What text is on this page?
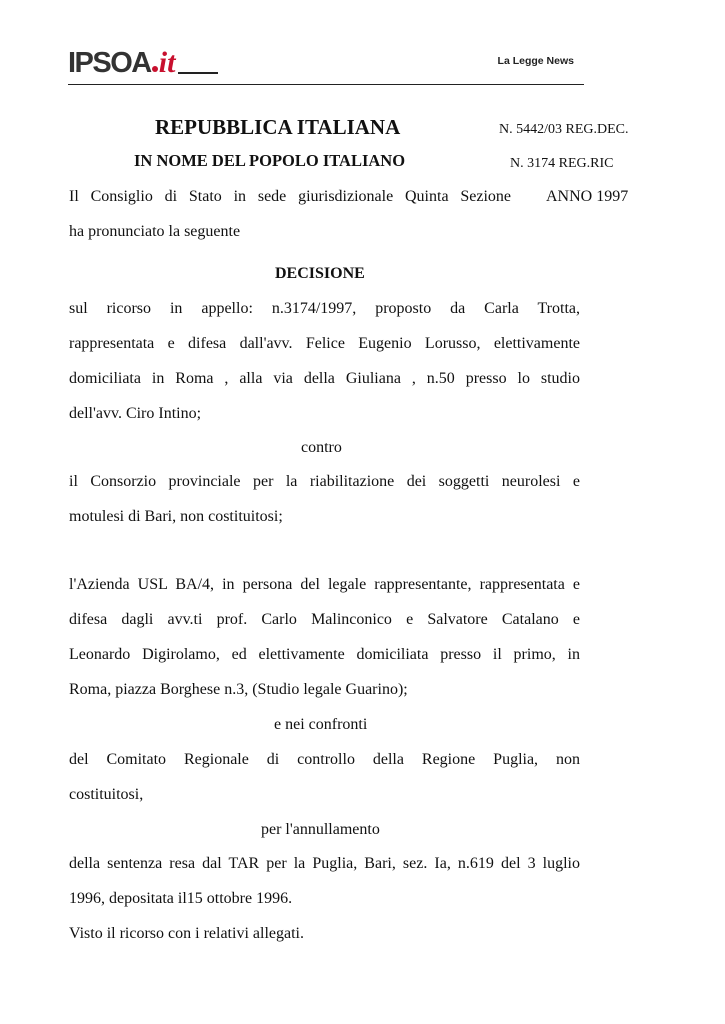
IPSOA it	La Legge News
REPUBBLICA ITALIANA	N. 5442/03 REG.DEC.
IN NOME DEL POPOLO ITALIANO	N. 3174 REG.RIC
Il Consiglio di Stato in sede giurisdizionale Quinta Sezione ANNO 1997
ha pronunciato la seguente
DECISIONE
sul ricorso in appello: n.3174/1997, proposto da Carla Trotta,
rappresentata e difesa dall'avv. Felice Eugenio Lorusso, elettivamente
domiciliata in Roma , alla via della Giuliana , n.50 presso lo studio
dell'avv. Ciro Intino;
contro
il Consorzio provinciale per la riabilitazione dei soggetti neurolesi e
motulesi di Bari, non costituitosi;
l'Azienda USL BA/4, in persona del legale rappresentante, rappresentata e
difesa dagli avv.ti prof. Carlo Malinconico e Salvatore Catalano e
Leonardo Digirolamo, ed elettivamente domiciliata presso il primo, in
Roma, piazza Borghese n.3, (Studio legale Guarino);
e nei confronti
del Comitato Regionale di controllo della Regione Puglia, non
costituitosi,
per l'annullamento
della sentenza resa dal TAR per la Puglia, Bari, sez. Ia, n.619 del 3 luglio
1996, depositata il15 ottobre 1996.
Visto il ricorso con i relativi allegati.
